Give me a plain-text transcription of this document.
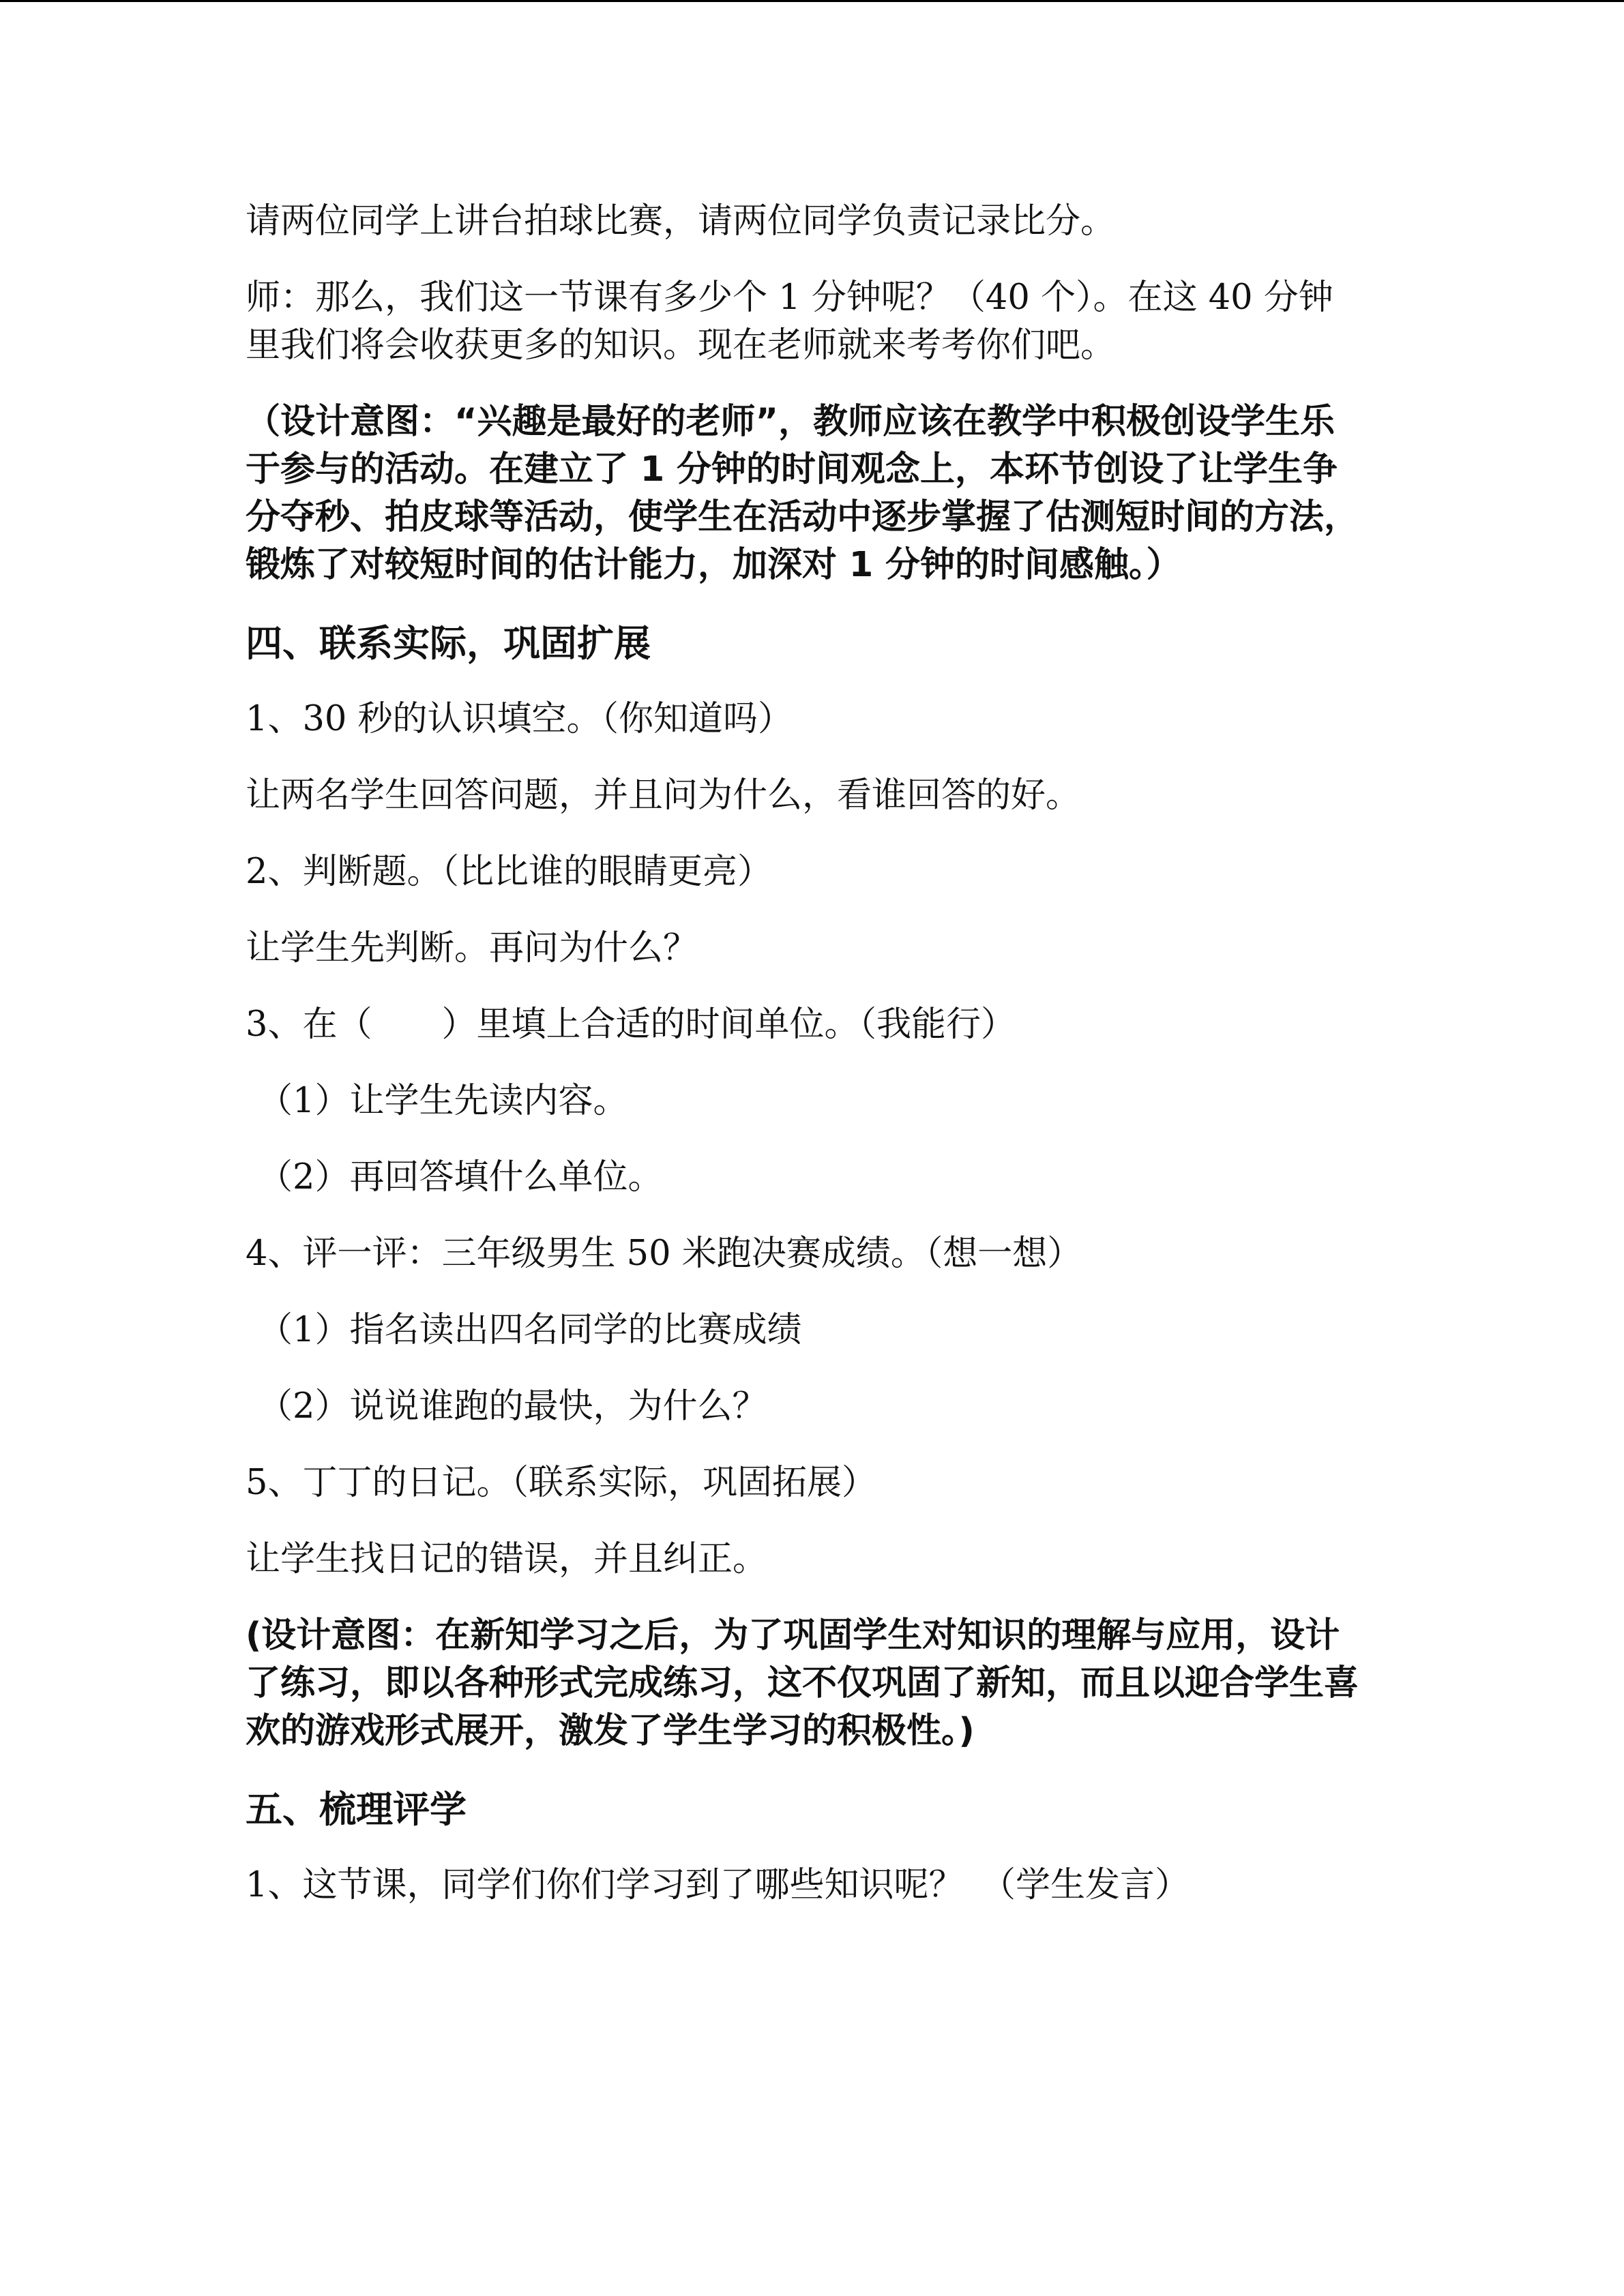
请两位同学上讲台拍球比赛，请两位同学负责记录比分。

师：那么，我们这一节课有多少个 1 分钟呢？（40 个）。在这 40 分钟里我们将会收获更多的知识。现在老师就来考考你们吧。

（设计意图：“兴趣是最好的老师”，教师应该在教学中积极创设学生乐于参与的活动。在建立了 1 分钟的时间观念上，本环节创设了让学生争分夺秒、拍皮球等活动，使学生在活动中逐步掌握了估测短时间的方法，锻炼了对较短时间的估计能力，加深对 1 分钟的时间感触。）

四、联系实际，巩固扩展

1、30 秒的认识填空。（你知道吗）

让两名学生回答问题，并且问为什么，看谁回答的好。

2、判断题。（比比谁的眼睛更亮）

让学生先判断。再问为什么？

3、在（　　）里填上合适的时间单位。（我能行）

（1）让学生先读内容。

（2）再回答填什么单位。

4、评一评：三年级男生 50 米跑决赛成绩。（想一想）

（1）指名读出四名同学的比赛成绩

（2）说说谁跑的最快，为什么？

5、丁丁的日记。（联系实际，巩固拓展）

让学生找日记的错误，并且纠正。

(设计意图：在新知学习之后，为了巩固学生对知识的理解与应用，设计了练习，即以各种形式完成练习，这不仅巩固了新知，而且以迎合学生喜欢的游戏形式展开，激发了学生学习的积极性。)

五、梳理评学

1、这节课，同学们你们学习到了哪些知识呢？　（学生发言）
